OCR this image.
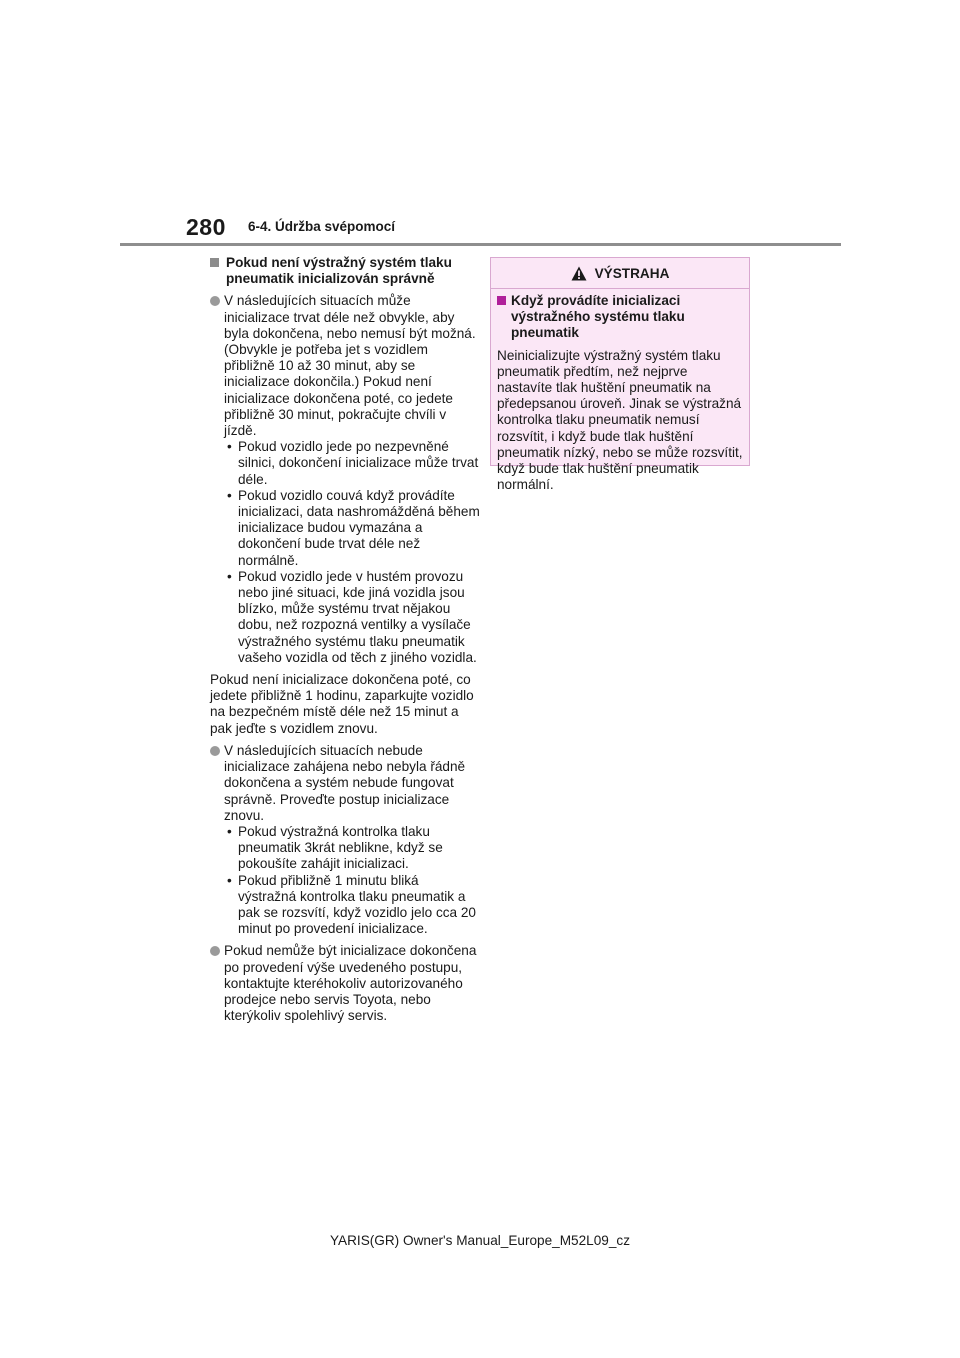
280 6-4. Údržba svépomocí
Pokud není výstražný systém tlaku pneumatik inicializován správně
V následujících situacích může inicializace trvat déle než obvykle, aby byla dokončena, nebo nemusí být možná. (Obvykle je potřeba jet s vozidlem přibližně 10 až 30 minut, aby se inicializace dokončila.) Pokud není inicializace dokončena poté, co jedete přibližně 30 minut, pokračujte chvíli v jízdě.
• Pokud vozidlo jede po nezpevněné silnici, dokončení inicializace může trvat déle.
• Pokud vozidlo couvá když provádíte inicializaci, data nashromážděná během inicializace budou vymazána a dokončení bude trvat déle než normálně.
• Pokud vozidlo jede v hustém provozu nebo jiné situaci, kde jiná vozidla jsou blízko, může systému trvat nějakou dobu, než rozpozná ventilky a vysílače výstražného systému tlaku pneumatik vašeho vozidla od těch z jiného vozidla.
Pokud není inicializace dokončena poté, co jedete přibližně 1 hodinu, zaparkujte vozidlo na bezpečném místě déle než 15 minut a pak jeďte s vozidlem znovu.
V následujících situacích nebude inicializace zahájena nebo nebyla řádně dokončena a systém nebude fungovat správně. Proveďte postup inicializace znovu.
• Pokud výstražná kontrolka tlaku pneumatik 3krát neblikne, když se pokoušíte zahájit inicializaci.
• Pokud přibližně 1 minutu bliká výstražná kontrolka tlaku pneumatik a pak se rozsvítí, když vozidlo jelo cca 20 minut po provedení inicializace.
Pokud nemůže být inicializace dokončena po provedení výše uvedeného postupu, kontaktujte kteréhokoliv autorizovaného prodejce nebo servis Toyota, nebo kterýkoliv spolehlivý servis.
VÝSTRAHA
Když provádíte inicializaci výstražného systému tlaku pneumatik
Neinicializujte výstražný systém tlaku pneumatik předtím, než nejprve nastavíte tlak huštění pneumatik na předepsanou úroveň. Jinak se výstražná kontrolka tlaku pneumatik nemusí rozsvítit, i když bude tlak huštění pneumatik nízký, nebo se může rozsvítit, když bude tlak huštění pneumatik normální.
YARIS(GR) Owner's Manual_Europe_M52L09_cz
